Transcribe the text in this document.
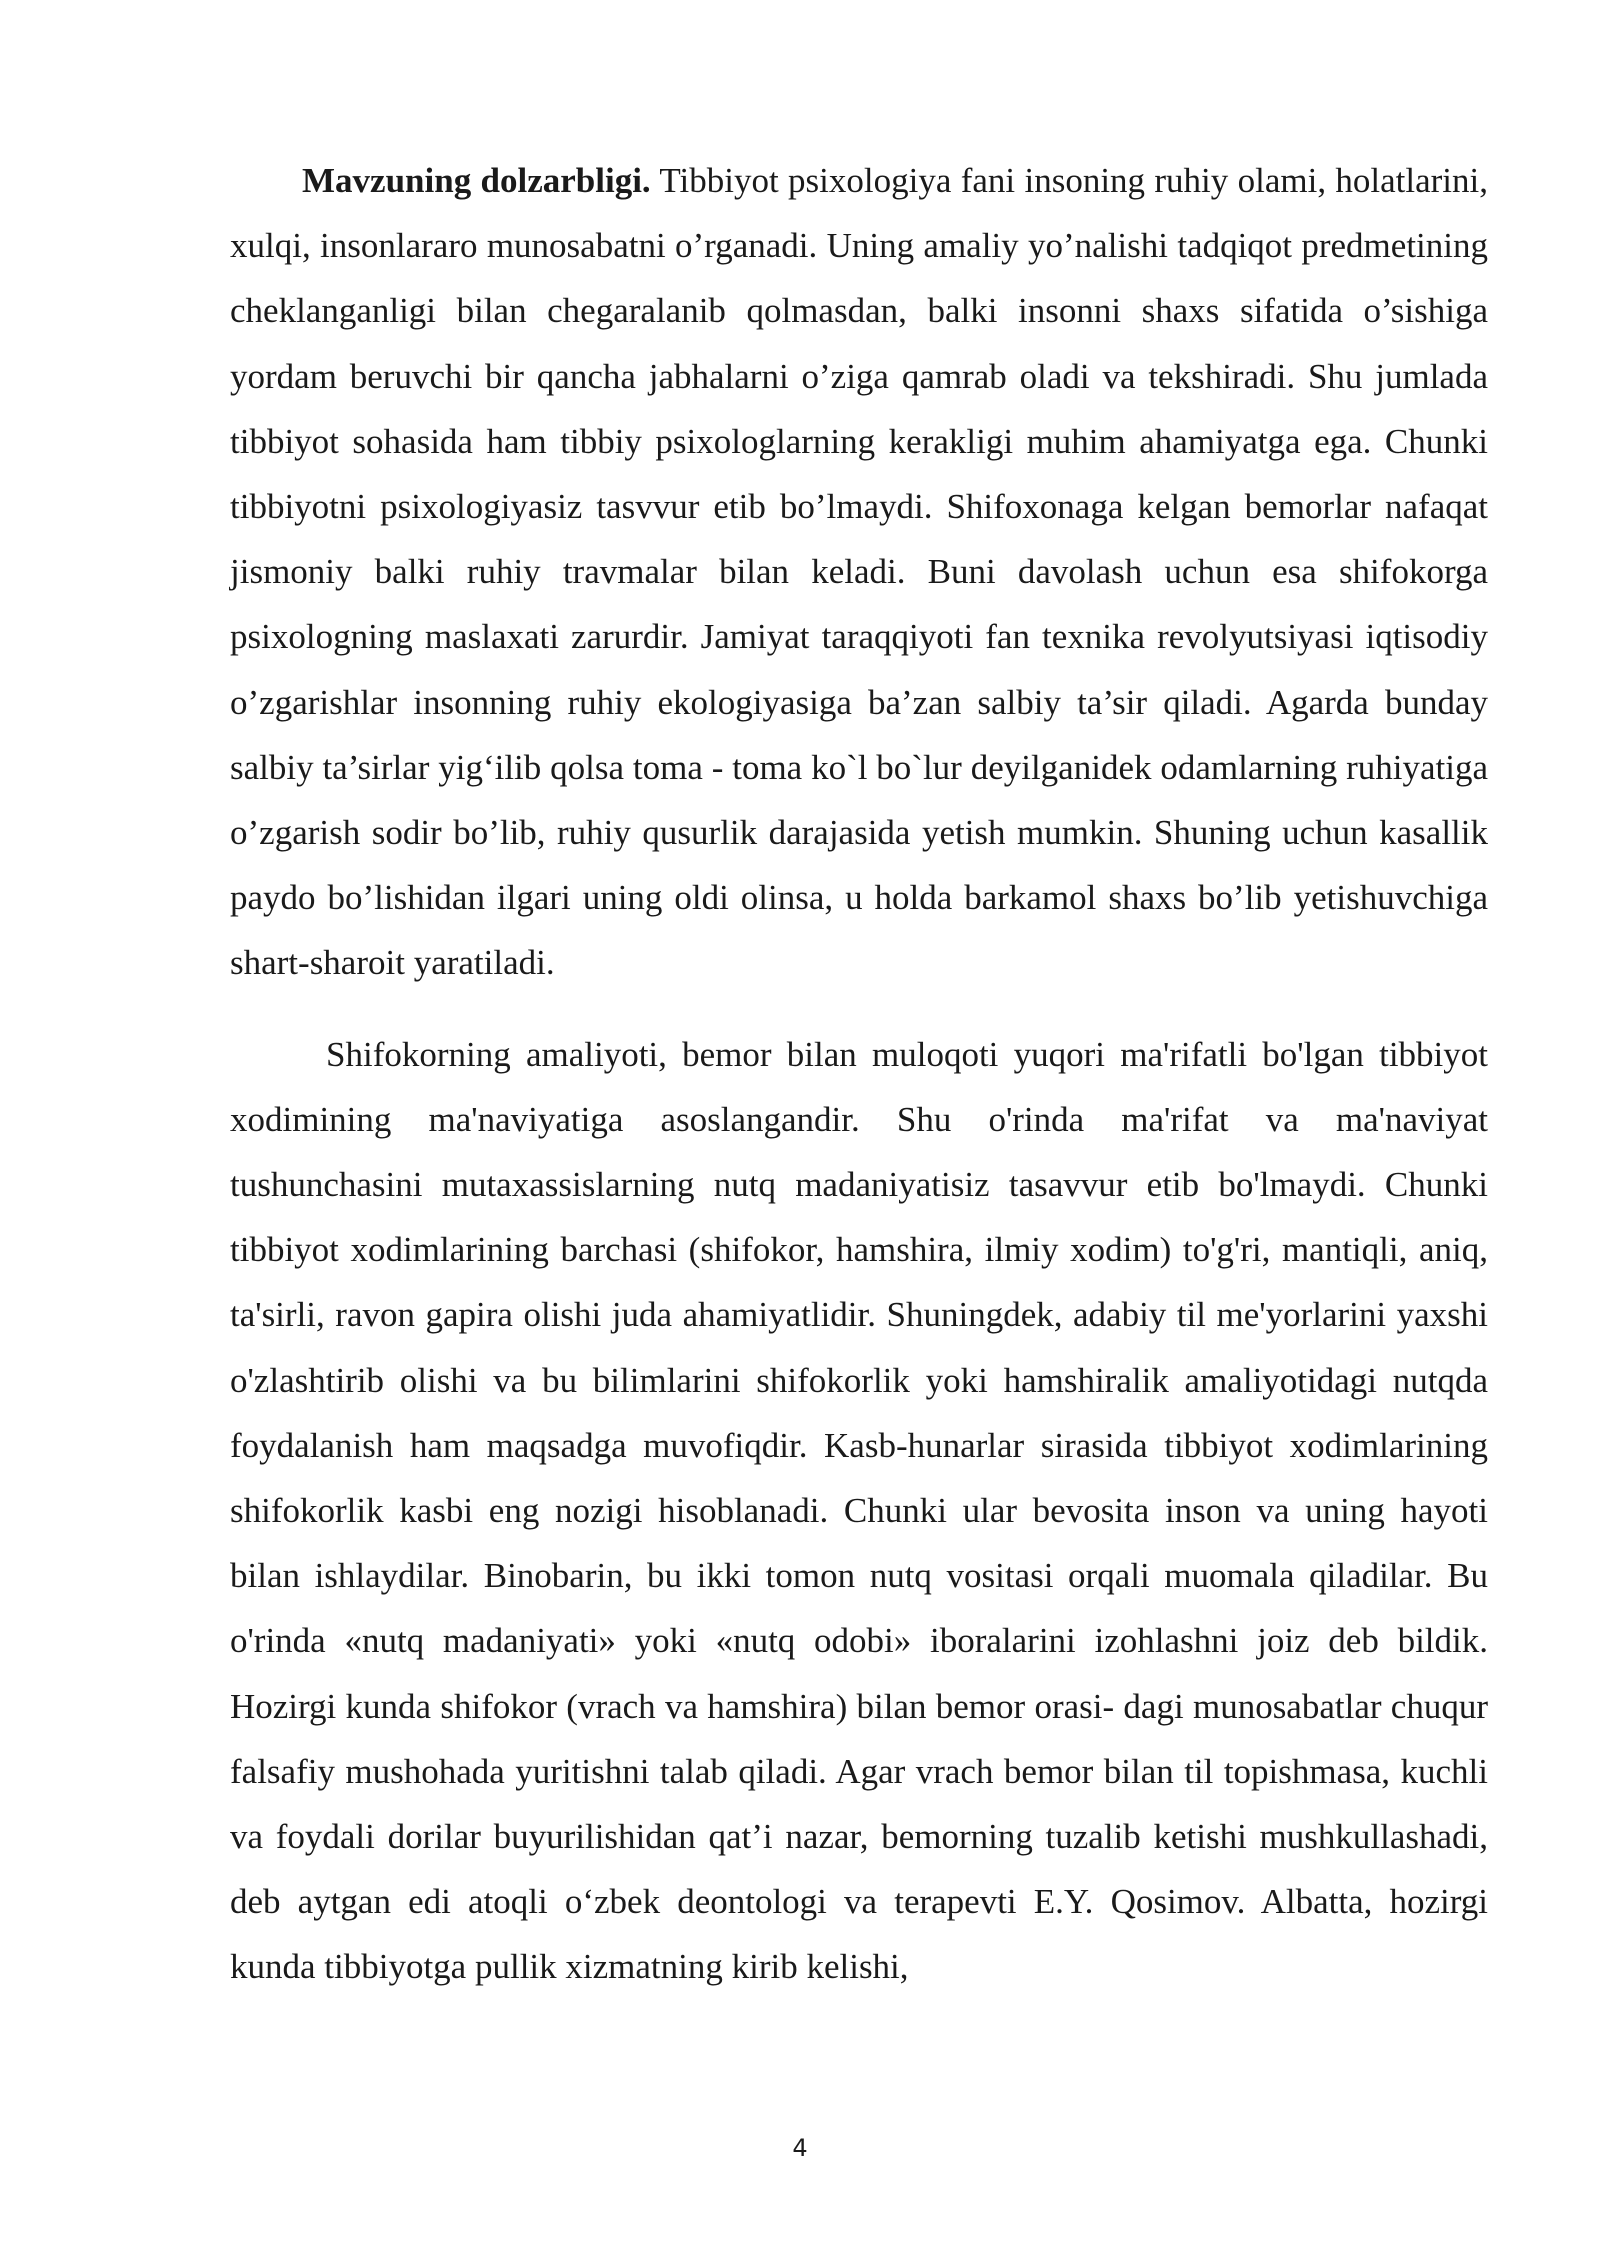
Mavzuning dolzarbligi. Tibbiyot psixologiya fani insoning ruhiy olami, holatlarini, xulqi, insonlararo munosabatni o’rganadi. Uning amaliy yo’nalishi tadqiqot predmetining cheklanganligi bilan chegaralanib qolmasdan, balki insonni shaxs sifatida o’sishiga yordam beruvchi bir qancha jabhalarni o’ziga qamrab oladi va tekshiradi. Shu jumlada tibbiyot sohasida ham tibbiy psixologlarning kerakligi muhim ahamiyatga ega. Chunki tibbiyotni psixologiyasiz tasvvur etib bo’lmaydi. Shifoxonaga kelgan bemorlar nafaqat jismoniy balki ruhiy travmalar bilan keladi. Buni davolash uchun esa shifokorga psixologning maslaxati zarurdir. Jamiyat taraqqiyoti fan texnika revolyutsiyasi iqtisodiy o’zgarishlar insonning ruhiy ekologiyasiga ba’zan salbiy ta’sir qiladi. Agarda bunday salbiy ta’sirlar yig‘ilib qolsa toma - toma ko`l bo`lur deyilganidek odamlarning ruhiyatiga o’zgarish sodir bo’lib, ruhiy qusurlik darajasida yetish mumkin. Shuning uchun kasallik paydo bo’lishidan ilgari uning oldi olinsa, u holda barkamol shaxs bo’lib yetishuvchiga shart-sharoit yaratiladi.

Shifokorning amaliyoti, bemor bilan muloqoti yuqori ma'rifatli bo'lgan tibbiyot xodimining ma'naviyatiga asoslangandir. Shu o'rinda ma'rifat va ma'naviyat tushunchasini mutaxassislarning nutq madaniyatisiz tasavvur etib bo'lmaydi. Chunki tibbiyot xodimlarining barchasi (shifokor, hamshira, ilmiy xodim) to'g'ri, mantiqli, aniq, ta'sirli, ravon gapira olishi juda ahamiyatlidir. Shuningdek, adabiy til me'yorlarini yaxshi o'zlashtirib olishi va bu bilimlarini shifokorlik yoki hamshiralik amaliyotidagi nutqda foydalanish ham maqsadga muvofiqdir. Kasb-hunarlar sirasida tibbiyot xodimlarining shifokorlik kasbi eng nozigi hisoblanadi. Chunki ular bevosita inson va uning hayoti bilan ishlaydilar. Binobarin, bu ikki tomon nutq vositasi orqali muomala qiladilar. Bu o'rinda «nutq madaniyati» yoki «nutq odobi» iboralarini izohlashni joiz deb bildik. Hozirgi kunda shifokor (vrach va hamshira) bilan bemor orasi- dagi munosabatlar chuqur falsafiy mushohada yuritishni talab qiladi. Agar vrach bemor bilan til topishmasa, kuchli va foydali dorilar buyurilishidan qat’i nazar, bemorning tuzalib ketishi mushkullashadi, deb aytgan edi atoqli o‘zbek deontologi va terapevti E.Y. Qosimov. Albatta, hozirgi kunda tibbiyotga pullik xizmatning kirib kelishi,

4
